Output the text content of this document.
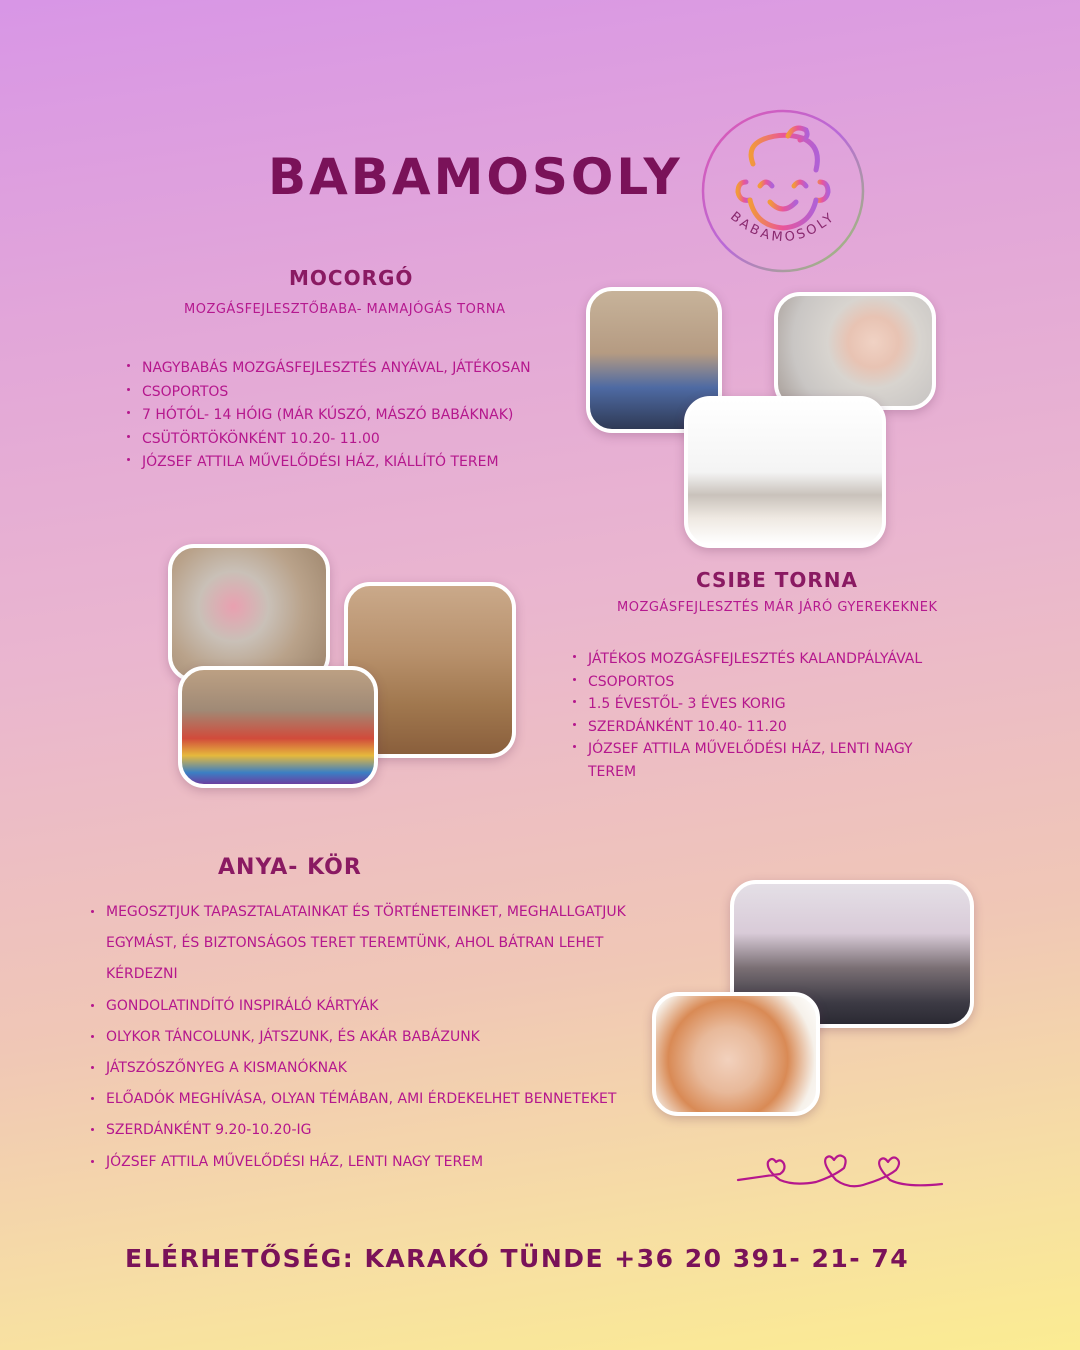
BABAMOSOLY
BABAMOSOLY
MOCORGÓ
MOZGÁSFEJLESZTŐBABA- MAMAJÓGÁS TORNA
NAGYBABÁS MOZGÁSFEJLESZTÉS ANYÁVAL, JÁTÉKOSAN
CSOPORTOS
7 HÓTÓL- 14 HÓIG (MÁR KÚSZÓ, MÁSZÓ BABÁKNAK)
CSÜTÖRTÖKÖNKÉNT 10.20- 11.00
JÓZSEF ATTILA MŰVELŐDÉSI HÁZ, KIÁLLÍTÓ TEREM
CSIBE TORNA
MOZGÁSFEJLESZTÉS MÁR JÁRÓ GYEREKEKNEK
JÁTÉKOS MOZGÁSFEJLESZTÉS KALANDPÁLYÁVAL
CSOPORTOS
1.5 ÉVESTŐL- 3 ÉVES KORIG
SZERDÁNKÉNT 10.40- 11.20
JÓZSEF ATTILA MŰVELŐDÉSI HÁZ, LENTI NAGY TEREM
ANYA- KÖR
MEGOSZTJUK TAPASZTALATAINKAT ÉS TÖRTÉNETEINKET, MEGHALLGATJUK EGYMÁST, ÉS BIZTONSÁGOS TERET TEREMTÜNK, AHOL BÁTRAN LEHET KÉRDEZNI
GONDOLATINDÍTÓ INSPIRÁLÓ KÁRTYÁK
OLYKOR TÁNCOLUNK, JÁTSZUNK, ÉS AKÁR BABÁZUNK
JÁTSZÓSZŐNYEG A KISMANÓKNAK
ELŐADÓK MEGHÍVÁSA, OLYAN TÉMÁBAN, AMI ÉRDEKELHET BENNETEKET
SZERDÁNKÉNT 9.20-10.20-IG
JÓZSEF ATTILA MŰVELŐDÉSI HÁZ, LENTI NAGY TEREM
ELÉRHETŐSÉG: KARAKÓ TÜNDE +36 20 391- 21- 74
